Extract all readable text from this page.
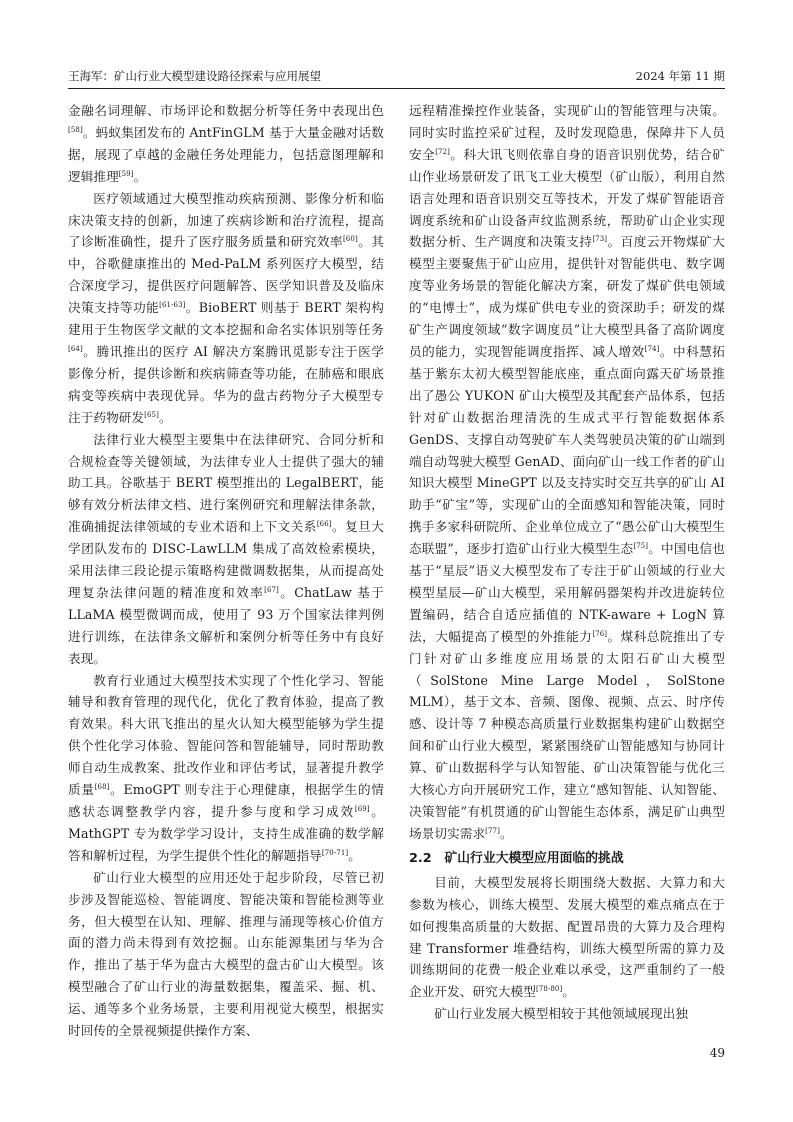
王海军：矿山行业大模型建设路径探索与应用展望	2024 年第 11 期

金融名词理解、市场评论和数据分析等任务中表现出色[58]。蚂蚁集团发布的 AntFinGLM 基于大量金融对话数据，展现了卓越的金融任务处理能力，包括意图理解和逻辑推理[59]。

医疗领域通过大模型推动疾病预测、影像分析和临床决策支持的创新，加速了疾病诊断和治疗流程，提高了诊断准确性，提升了医疗服务质量和研究效率[60]。其中，谷歌健康推出的 Med-PaLM 系列医疗大模型，结合深度学习，提供医疗问题解答、医学知识普及及临床决策支持等功能[61-63]。BioBERT 则基于 BERT 架构构建用于生物医学文献的文本挖掘和命名实体识别等任务[64]。腾讯推出的医疗 AI 解决方案腾讯觅影专注于医学影像分析，提供诊断和疾病筛查等功能，在肺癌和眼底病变等疾病中表现优异。华为的盘古药物分子大模型专注于药物研发[65]。

法律行业大模型主要集中在法律研究、合同分析和合规检查等关键领域，为法律专业人士提供了强大的辅助工具。谷歌基于 BERT 模型推出的 LegalBERT，能够有效分析法律文档、进行案例研究和理解法律条款，准确捕捉法律领域的专业术语和上下文关系[66]。复旦大学团队发布的 DISC-LawLLM 集成了高效检索模块，采用法律三段论提示策略构建微调数据集，从而提高处理复杂法律问题的精准度和效率[67]。ChatLaw 基于 LLaMA 模型微调而成，使用了 93 万个国家法律判例进行训练，在法律条文解析和案例分析等任务中有良好表现。

教育行业通过大模型技术实现了个性化学习、智能辅导和教育管理的现代化，优化了教育体验，提高了教育效果。科大讯飞推出的星火认知大模型能够为学生提供个性化学习体验、智能问答和智能辅导，同时帮助教师自动生成教案、批改作业和评估考试，显著提升教学质量[68]。EmoGPT 则专注于心理健康，根据学生的情感状态调整教学内容，提升参与度和学习成效[69]。MathGPT 专为数学学习设计，支持生成准确的数学解答和解析过程，为学生提供个性化的解题指导[70-71]。

矿山行业大模型的应用还处于起步阶段，尽管已初步涉及智能巡检、智能调度、智能决策和智能检测等业务，但大模型在认知、理解、推理与涌现等核心价值方面的潜力尚未得到有效挖掘。山东能源集团与华为合作，推出了基于华为盘古大模型的盘古矿山大模型。该模型融合了矿山行业的海量数据集，覆盖采、掘、机、运、通等多个业务场景，主要利用视觉大模型，根据实时回传的全景视频提供操作方案、

远程精准操控作业装备，实现矿山的智能管理与决策。同时实时监控采矿过程，及时发现隐患，保障井下人员安全[72]。科大讯飞则依靠自身的语音识别优势，结合矿山作业场景研发了讯飞工业大模型（矿山版），利用自然语言处理和语音识别交互等技术，开发了煤矿智能语音调度系统和矿山设备声纹监测系统，帮助矿山企业实现数据分析、生产调度和决策支持[73]。百度云开物煤矿大模型主要聚焦于矿山应用，提供针对智能供电、数字调度等业务场景的智能化解决方案，研发了煤矿供电领域的“电博士”，成为煤矿供电专业的资深助手；研发的煤矿生产调度领域“数字调度员”让大模型具备了高阶调度员的能力，实现智能调度指挥、减人增效[74]。中科慧拓基于紫东太初大模型智能底座，重点面向露天矿场景推出了愚公 YUKON 矿山大模型及其配套产品体系，包括针对矿山数据治理清洗的生成式平行智能数据体系 GenDS、支撑自动驾驶矿车人类驾驶员决策的矿山端到端自动驾驶大模型 GenAD、面向矿山一线工作者的矿山知识大模型 MineGPT 以及支持实时交互共享的矿山 AI 助手“矿宝”等，实现矿山的全面感知和智能决策，同时携手多家科研院所、企业单位成立了“愚公矿山大模型生态联盟”，逐步打造矿山行业大模型生态[75]。中国电信也基于“星辰”语义大模型发布了专注于矿山领域的行业大模型星辰—矿山大模型，采用解码器架构并改进旋转位置编码，结合自适应插值的 NTK-aware + LogN 算法，大幅提高了模型的外推能力[76]。煤科总院推出了专门针对矿山多维度应用场景的太阳石矿山大模型（SolStone Mine Large Model，SolStone MLM），基于文本、音频、图像、视频、点云、时序传感、设计等 7 种模态高质量行业数据集构建矿山数据空间和矿山行业大模型，紧紧围绕矿山智能感知与协同计算、矿山数据科学与认知智能、矿山决策智能与优化三大核心方向开展研究工作，建立“感知智能、认知智能、决策智能”有机贯通的矿山智能生态体系，满足矿山典型场景切实需求[77]。

2.2　矿山行业大模型应用面临的挑战

目前，大模型发展将长期围绕大数据、大算力和大参数为核心，训练大模型、发展大模型的难点痛点在于如何搜集高质量的大数据、配置昂贵的大算力及合理构建 Transformer 堆叠结构，训练大模型所需的算力及训练期间的花费一般企业难以承受，这严重制约了一般企业开发、研究大模型[78-80]。

矿山行业发展大模型相较于其他领域展现出独

49
